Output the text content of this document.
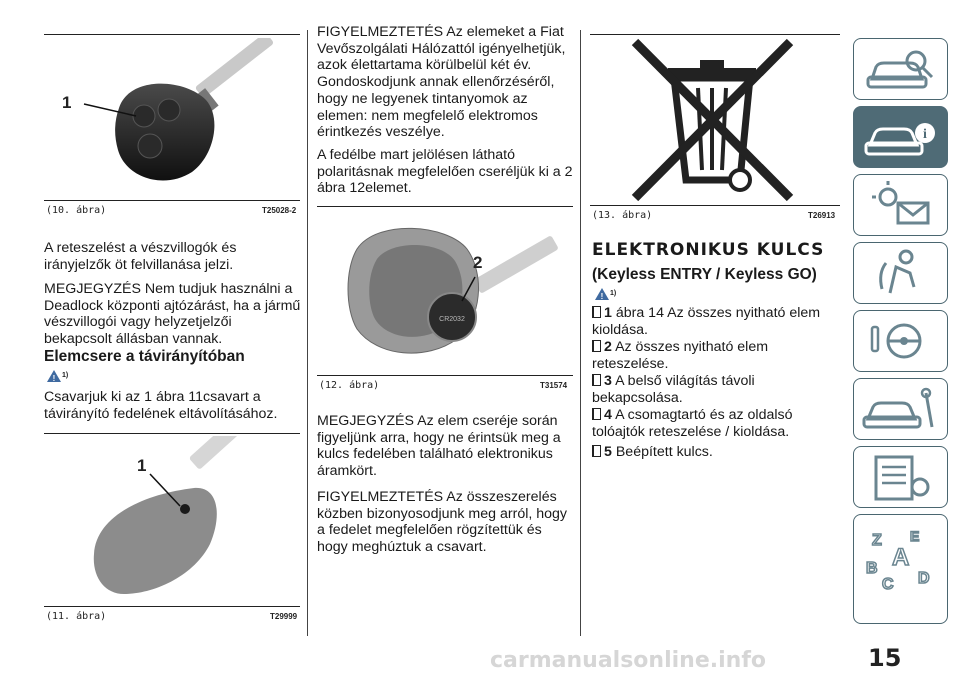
1
(10. ábra)	T25028-2

A reteszelést a vészvillogók és irányjelzők öt felvillanása jelzi.

MEGJEGYZÉS Nem tudjuk használni a Deadlock központi ajtózárást, ha a jármű vészvillogói vagy helyzetjelzői bekapcsolt állásban vannak.

Elemcsere a távirányítóban

! 1)

Csavarjuk ki az 1 ábra 11csavart a távirányító fedelének eltávolításához.

1
(11. ábra)	T29999

FIGYELMEZTETÉS Az elemeket a Fiat Vevőszolgálati Hálózattól igényelhetjük, azok élettartama körülbelül két év. Gondoskodjunk annak ellenőrzéséről, hogy ne legyenek tintanyomok az elemen: nem megfelelő elektromos érintkezés veszélye.

A fedélbe mart jelölésen látható polaritásnak megfelelően cseréljük ki a 2 ábra 12elemet.

CR2032
2
(12. ábra)	T31574

MEGJEGYZÉS Az elem cseréje során figyeljünk arra, hogy ne érintsük meg a kulcs fedelében található elektronikus áramkört.

FIGYELMEZTETÉS Az összeszerelés közben bizonyosodjunk meg arról, hogy a fedelet megfelelően rögzítettük és hogy meghúztuk a csavart.

(13. ábra)	T26913

ELEKTRONIKUS KULCS

(Keyless ENTRY / Keyless GO)

! 1)
1 ábra 14 Az összes nyitható elem kioldása.
2 Az összes nyitható elem reteszelése.
3 A belső világítás távoli bekapcsolása.
4 A csomagtartó és az oldalsó tolóajtók reteszelése / kioldása.
5 Beépített kulcs.
i
Z E
A
B
D
C
carmanualsonline.info	15
